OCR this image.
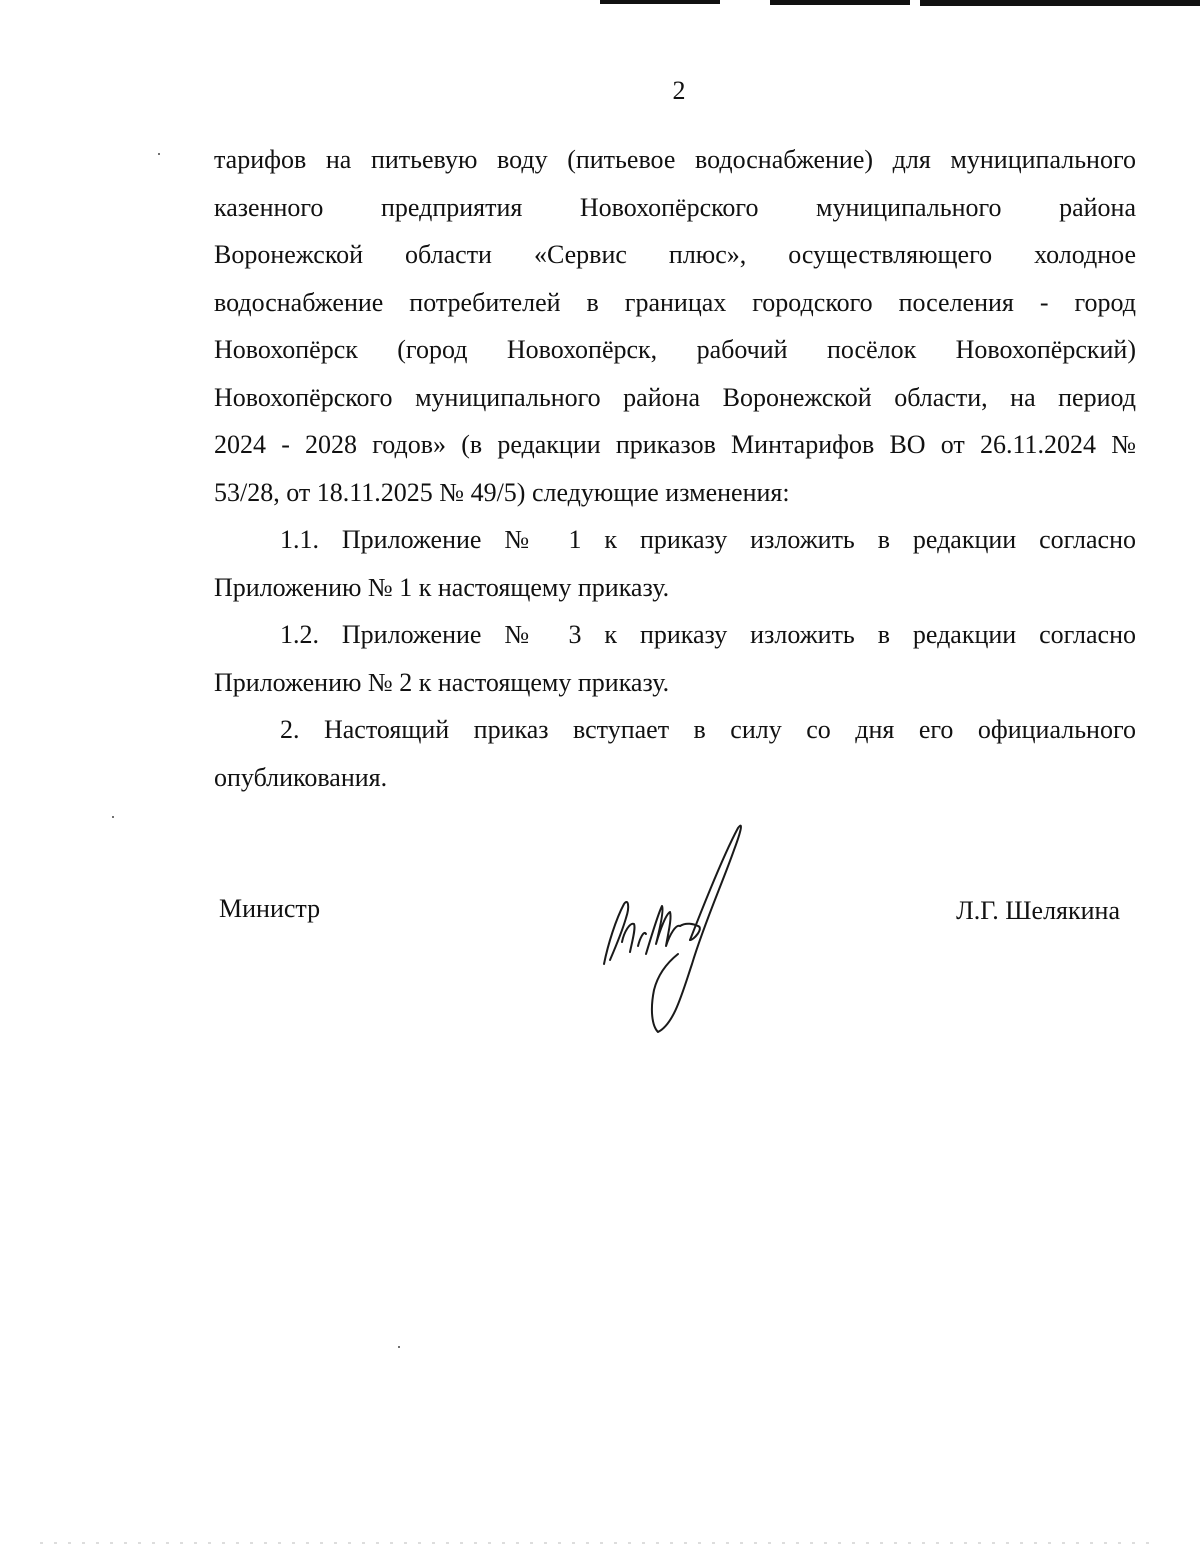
2

тарифов на питьевую воду (питьевое водоснабжение) для муниципального
казенного предприятия Новохопёрского муниципального района
Воронежской области «Сервис плюс», осуществляющего холодное
водоснабжение потребителей в границах городского поселения - город
Новохопёрск (город Новохопёрск, рабочий посёлок Новохопёрский)
Новохопёрского муниципального района Воронежской области, на период
2024 - 2028 годов» (в редакции приказов Минтарифов ВО от 26.11.2024 №
53/28, от 18.11.2025 № 49/5) следующие изменения:

1.1. Приложение № 1 к приказу изложить в редакции согласно
Приложению № 1 к настоящему приказу.

1.2. Приложение № 3 к приказу изложить в редакции согласно
Приложению № 2 к настоящему приказу.

2. Настоящий приказ вступает в силу со дня его официального
опубликования.

Министр	Л.Г. Шелякина
